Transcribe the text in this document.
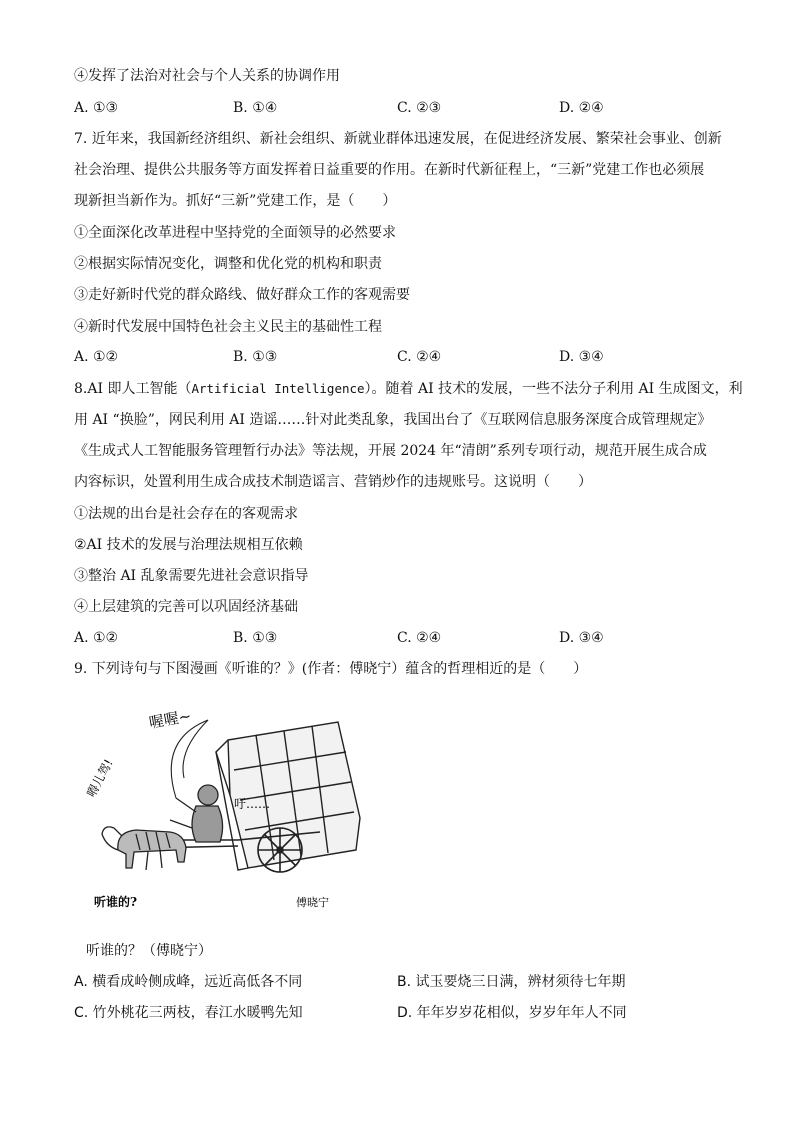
④发挥了法治对社会与个人关系的协调作用
A. ①③	B. ①④	C. ②③	D. ②④
7. 近年来，我国新经济组织、新社会组织、新就业群体迅速发展，在促进经济发展、繁荣社会事业、创新
社会治理、提供公共服务等方面发挥着日益重要的作用。在新时代新征程上，“三新”党建工作也必须展
现新担当新作为。抓好“三新”党建工作，是（　　）
①全面深化改革进程中坚持党的全面领导的必然要求
②根据实际情况变化，调整和优化党的机构和职责
③走好新时代党的群众路线、做好群众工作的客观需要
④新时代发展中国特色社会主义民主的基础性工程
A. ①②	B. ①③	C. ②④	D. ③④
8.AI 即人工智能（Artificial Intelligence）。随着 AI 技术的发展，一些不法分子利用 AI 生成图文，利
用 AI “换脸”，网民利用 AI 造谣……针对此类乱象，我国出台了《互联网信息服务深度合成管理规定》
《生成式人工智能服务管理暂行办法》等法规，开展 2024 年“清朗”系列专项行动，规范开展生成合成
内容标识，处置利用生成合成技术制造谣言、营销炒作的违规账号。这说明（　　）
①法规的出台是社会存在的客观需求
②AI 技术的发展与治理法规相互依赖
③整治 AI 乱象需要先进社会意识指导
④上层建筑的完善可以巩固经济基础
A. ①②	B. ①③	C. ②④	D. ③④
9. 下列诗句与下图漫画《听谁的？》(作者：傅晓宁）蕴含的哲理相近的是（　　）
喔喔~
嘚儿驾!
吁……
听谁的?	傅晓宁
听谁的？（傅晓宁）
A. 横看成岭侧成峰，远近高低各不同	B. 试玉要烧三日满，辨材须待七年期
C. 竹外桃花三两枝，春江水暖鸭先知	D. 年年岁岁花相似，岁岁年年人不同
